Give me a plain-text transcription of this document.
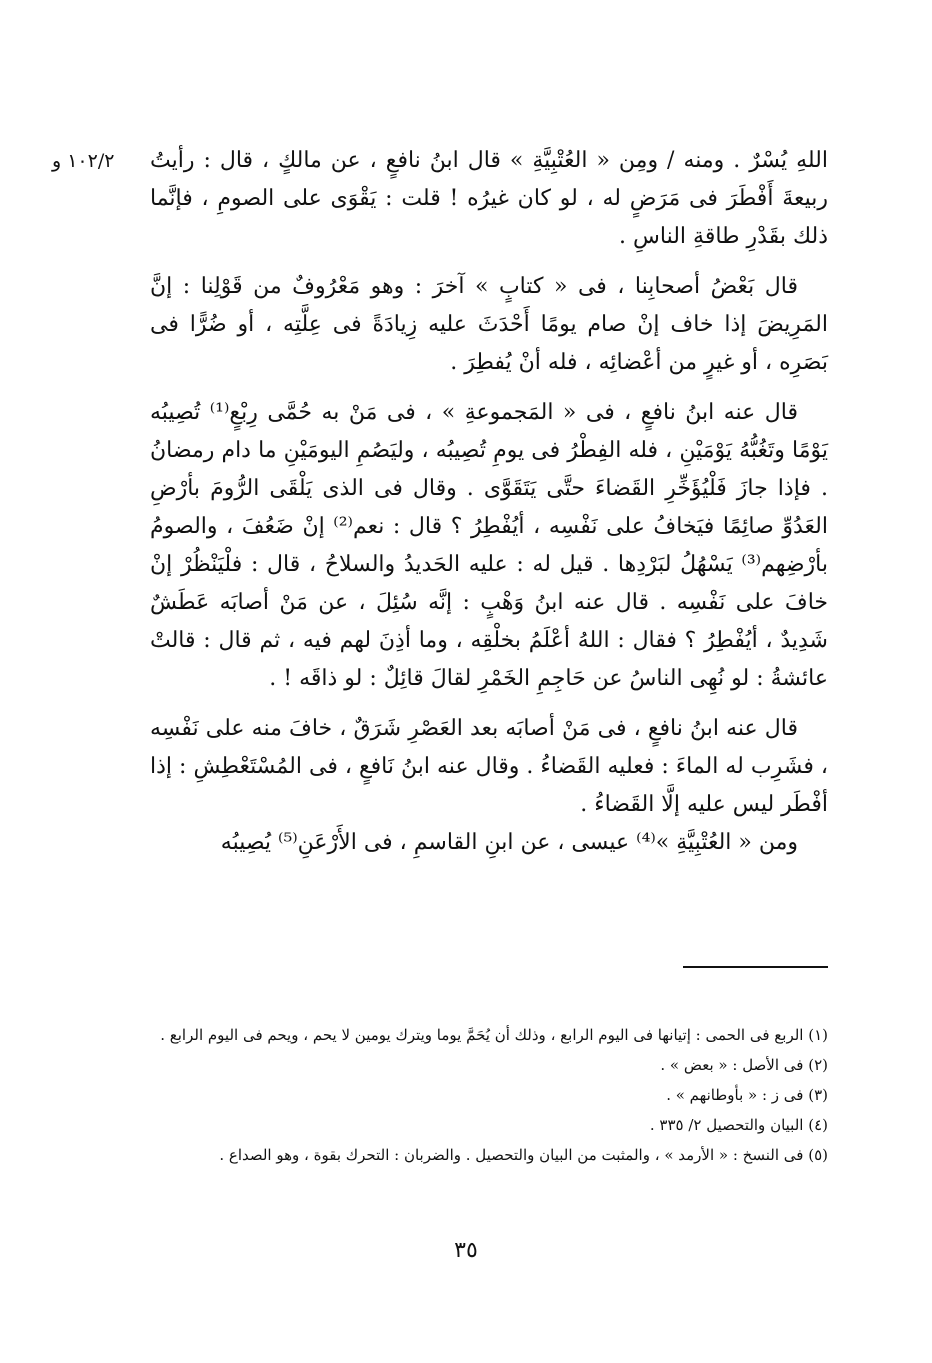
١٠٢/٢ و اللهِ يُسْرٌ . ومنه / ومِن « العُتْبِيَّةِ » قال ابنُ نافعٍ ، عن مالكٍ ، قال : رأيتُ ربيعةَ أَفْطَرَ فى مَرَضٍ له ، لو كان غيرُه ! قلت : يَقْوَى على الصومِ ، فإنَّما ذلك بقَدْرِ طاقةِ الناسِ .

قال بَعْضُ أصحابِنا ، فى « كتابٍ » آخرَ : وهو مَعْرُوفٌ من قَوْلِنا : إنَّ المَرِيضَ إذا خاف إنْ صام يومًا أَحْدَثَ عليه زِيادَةً فى عِلَّتِه ، أو ضُرًّا فى بَصَرِه ، أو غيرٍ من أعْضائِه ، فله أنْ يُفطِرَ .

قال عنه ابنُ نافعٍ ، فى « المَجموعةِ » ، فى مَنْ به حُمَّى رِبْعٍ⁽¹⁾ تُصِيبُه يَوْمًا وتَغُبُّهُ يَوْمَيْنِ ، فله الفِطْرُ فى يومِ تُصِيبُه ، وليَصُمِ اليومَيْنِ ما دام رمضانُ . فإذا جازَ فَلْيُؤَخِّرِ القَضاءَ حتَّى يَتَقَوَّى . وقال فى الذى يَلْقَى الرُّومَ بأرْضِ العَدُوِّ صائِمًا فيَخافُ على نَفْسِه ، أيُفْطِرُ ؟ قال : نعم⁽²⁾ إنْ ضَعُفَ ، والصومُ بأرْضِهم⁽³⁾ يَسْهُلُ لبَرْدِها . قيل له : عليه الحَديدُ والسلاحُ ، قال : فلْيَنْظُرْ إنْ خافَ على نَفْسِه . قال عنه ابنُ وَهْبٍ : إنَّه سُئِلَ ، عن مَنْ أصابَه عَطَشٌ شَدِيدٌ ، أيُفْطِرُ ؟ فقال : اللهُ أعْلَمُ بخلْقِه ، وما أذِنَ لهم فيه ، ثم قال : قالتْ عائشةُ : لو نُهِى الناسُ عن حَاجِمِ الخَمْرِ لقالَ قائِلٌ : لو ذاقَه ! .

قال عنه ابنُ نافعٍ ، فى مَنْ أصابَه بعد العَصْرِ شَرَقٌ ، خافَ منه على نَفْسِه ، فشَرِب له الماءَ : فعليه القَضاءُ . وقال عنه ابنُ نَافعٍ ، فى المُسْتَعْطِشِ : إذا أفْطَر ليس عليه إلَّا القَضاءُ .

ومن « العُتْبِيَّةِ »⁽⁴⁾ عيسى ، عن ابنِ القاسمِ ، فى الأَرْعَنِ⁽⁵⁾ يُصِيبُه

(١) الربع فى الحمى : إتيانها فى اليوم الرابع ، وذلك أن يُحَمَّ يوما ويترك يومين لا يحم ، ويحم فى اليوم الرابع .

(٢) فى الأصل : « بعض » .

(٣) فى ز : « بأوطانهم » .

(٤) البيان والتحصيل ٢/ ٣٣٥ .

(٥) فى النسخ : « الأرمد » ، والمثبت من البيان والتحصيل . والضربان : التحرك بقوة ، وهو الصداع .

٣٥
